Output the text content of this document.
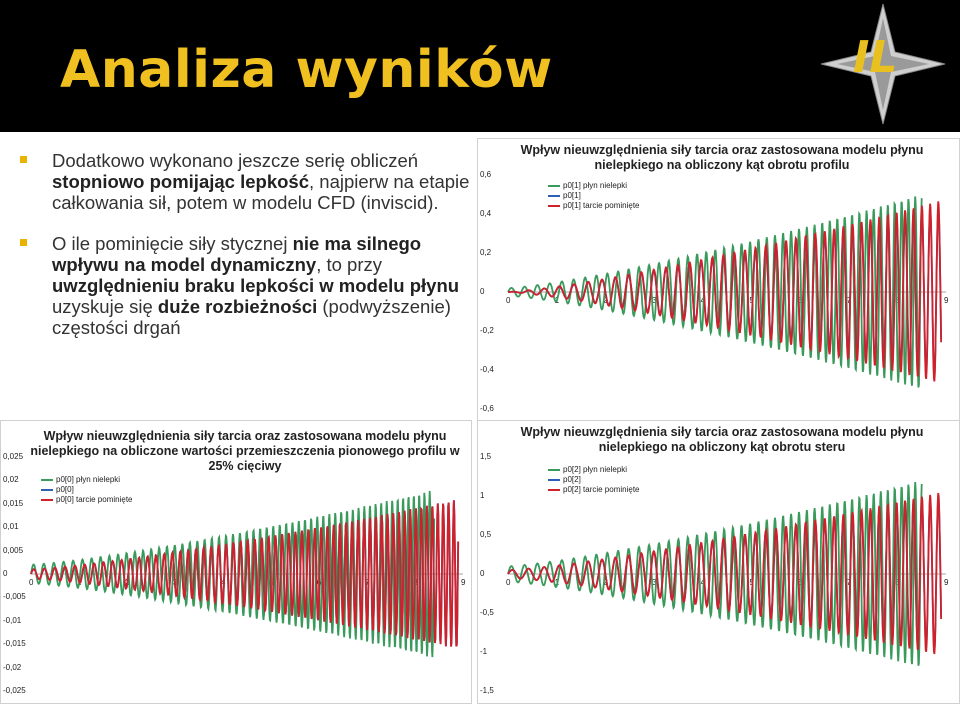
Analiza wyników	IL
Dodatkowo wykonano jeszcze serię obliczeń stopniowo pomijając lepkość, najpierw na etapie całkowania sił, potem w modelu CFD (inviscid).
O ile pominięcie siły stycznej nie ma silnego wpływu na model dynamiczny, to przy uwzględnieniu braku lepkości w modelu płynu uzyskuje się duże rozbieżności (podwyższenie) częstości drgań
Wpływ nieuwzględnienia siły tarcia oraz zastosowana modelu płynu nielepkiego na obliczony kąt obrotu profilu
0,6
0,4
0,2
0
-0,2
-0,4
-0,6
0	1	2	3	4	5	6	7	8	9
p0[1] płyn nielepki
p0[1]
p0[1] tarcie pominięte
Wpływ nieuwzględnienia siły tarcia oraz zastosowana modelu płynu nielepkiego na obliczone wartości przemieszczenia pionowego profilu w 25% cięciwy
0,025
0,02
0,015
0,01
0,005
0
-0,005
-0,01
-0,015
-0,02
-0,025
0	1	2	3	4	5	6	7	8	9
p0[0] płyn nielepki
p0[0]
p0[0] tarcie pominięte
Wpływ nieuwzględnienia siły tarcia oraz zastosowana modelu płynu nielepkiego na obliczony kąt obrotu steru
1,5
1
0,5
0
-0,5
-1
-1,5
0	1	2	3	4	5	6	7	8	9
p0[2] płyn nielepki
p0[2]
p0[2] tarcie pominięte
